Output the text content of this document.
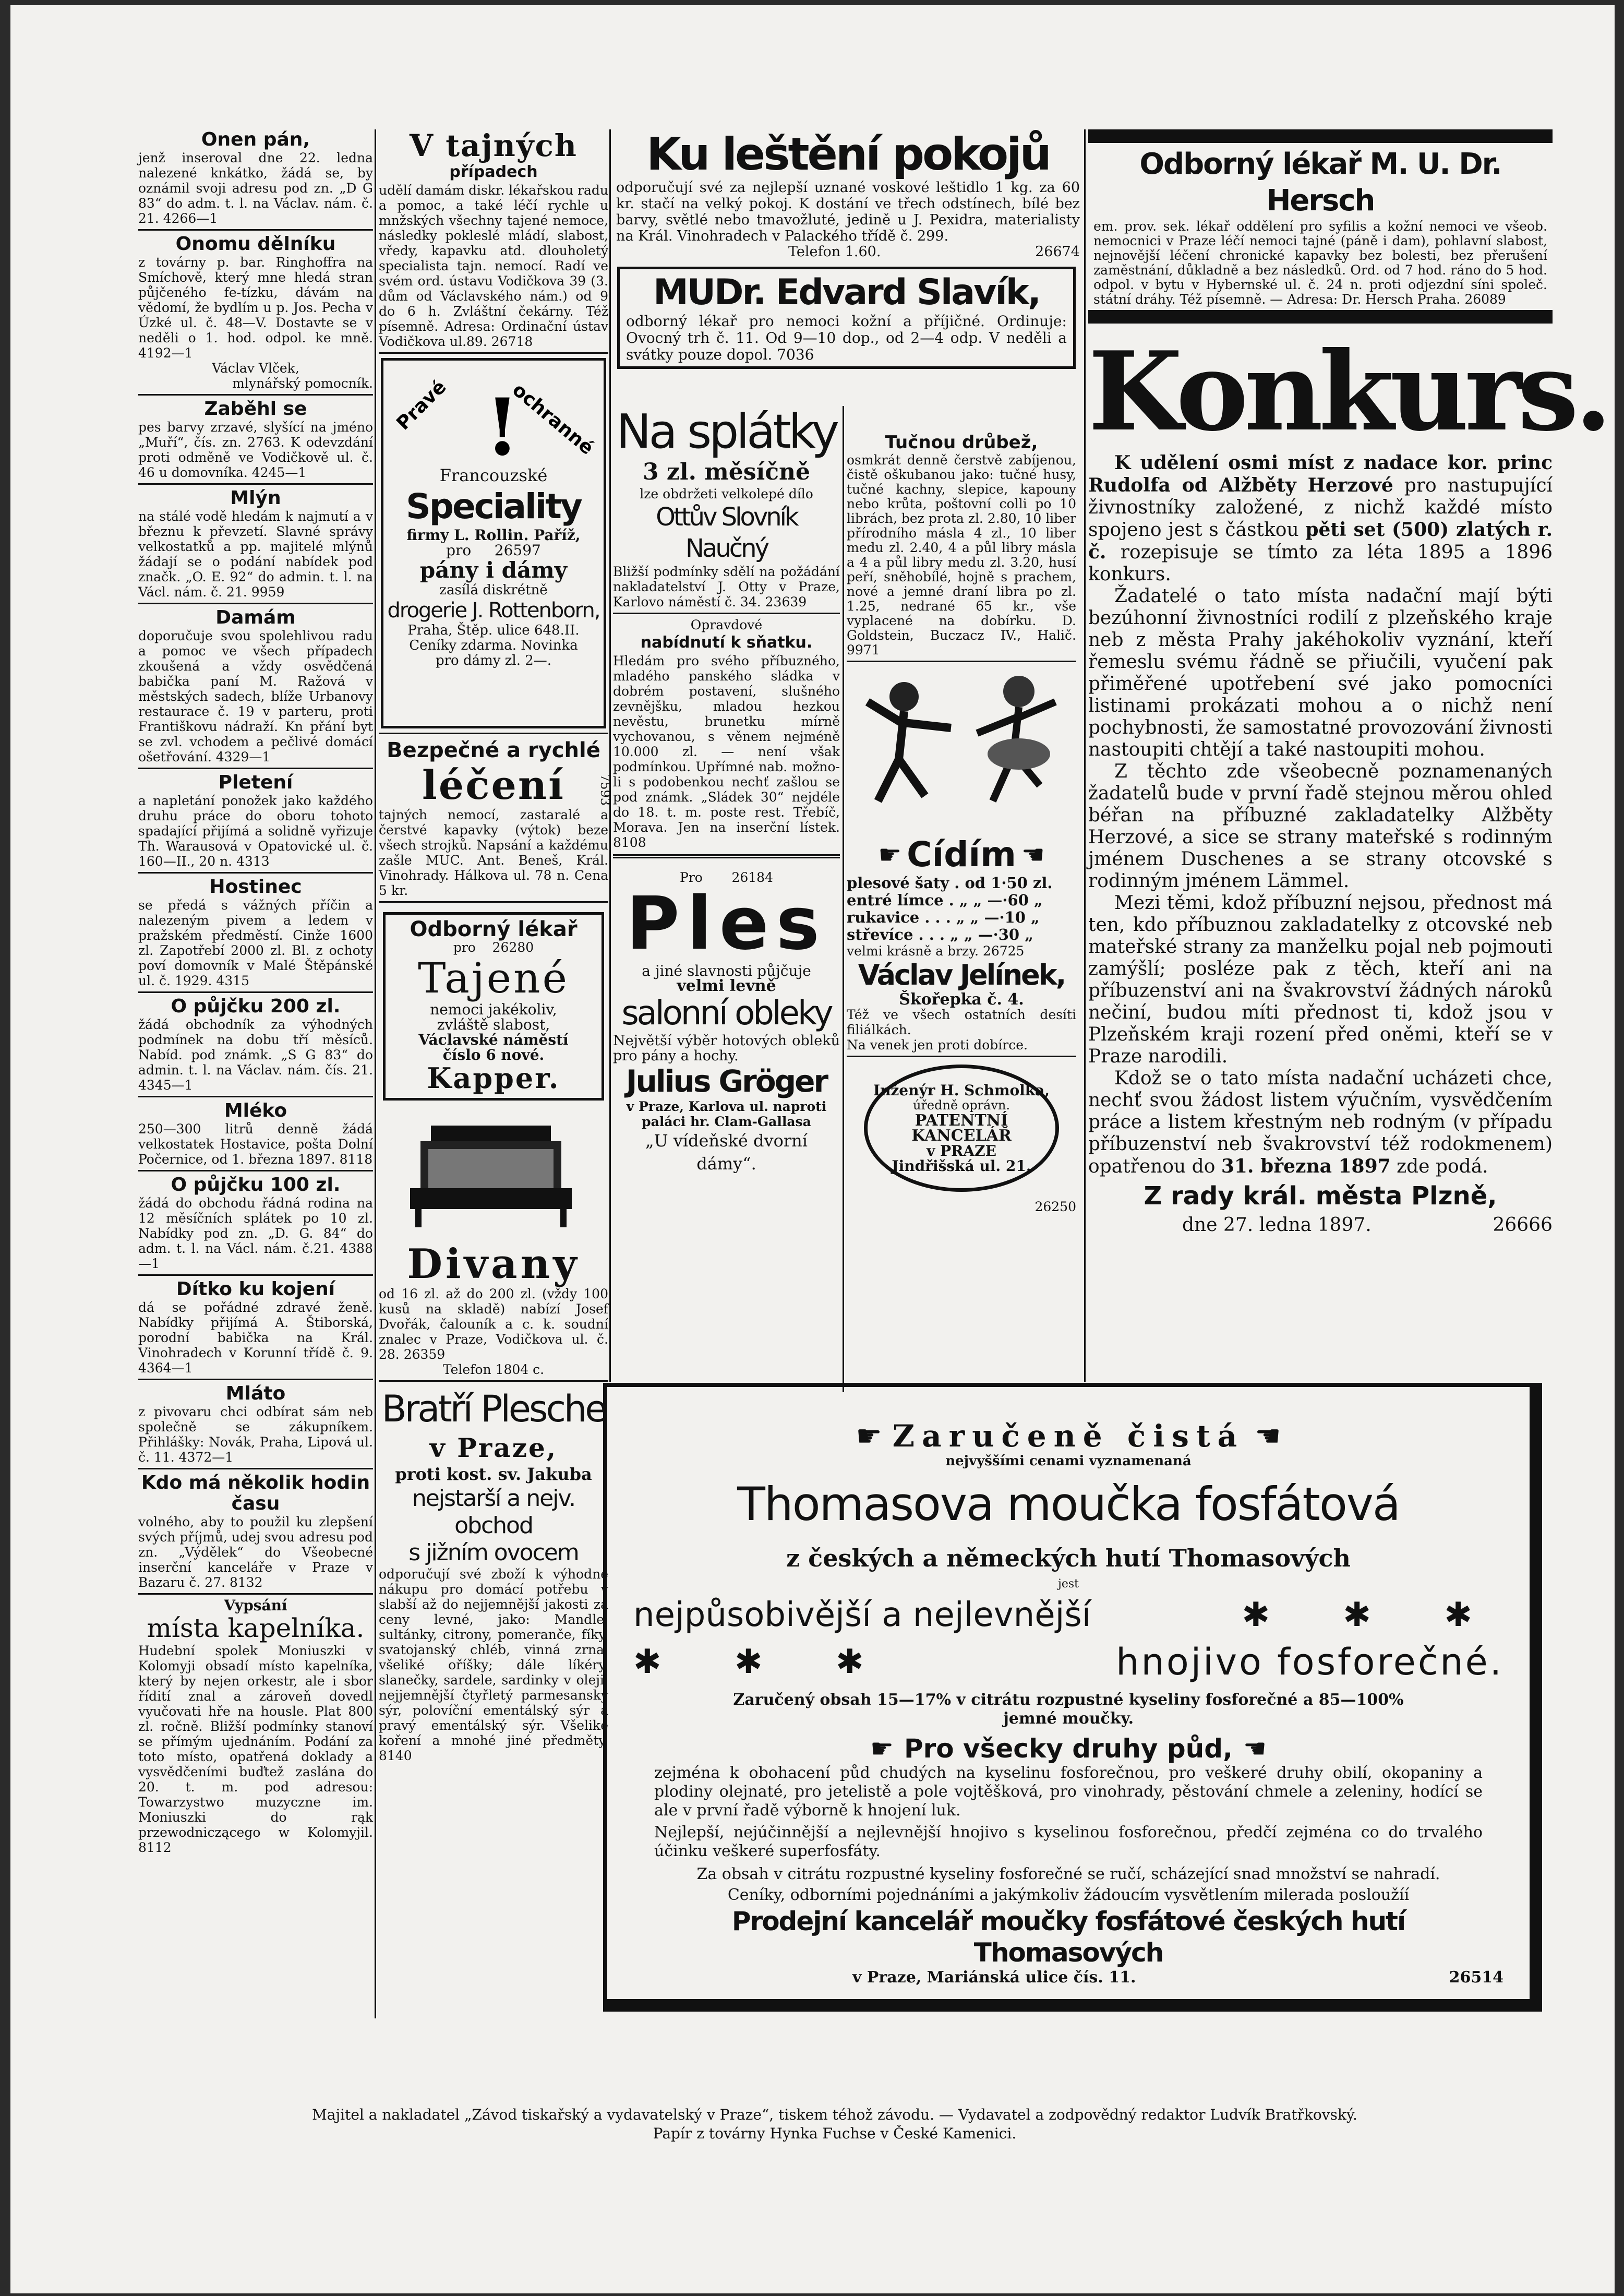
Onen pán,

jenž inseroval dne 22. ledna nalezené knkátko, žádá se, by oznámil svoji adresu pod zn. „D G 83“ do adm. t. l. na Václav. nám. č. 21. 4266—1

Onomu dělníku

z továrny p. bar. Ringhoffra na Smíchově, který mne hledá stran půjčeného fe-tízku, dávám na vědomí, že bydlím u p. Jos. Pecha v Úzké ul. č. 48—V. Dostavte se v neděli o 1. hod. odpol. ke mně. 4192—1

Václav Vlček,

mlynářský pomocník.

Zaběhl se

pes barvy zrzavé, slyšící na jméno „Muří“, čís. zn. 2763. K odevzdání proti odměně ve Vodičkově ul. č. 46 u domovníka. 4245—1

Mlýn

na stálé vodě hledám k najmutí a v březnu k převzetí. Slavné správy velkostatků a pp. majitelé mlýnů žádají se o podání nabídek pod značk. „O. E. 92“ do admin. t. l. na Václ. nám. č. 21. 9959

Damám

doporučuje svou spolehlivou radu a pomoc ve všech případech zkoušená a vždy osvědčená babička paní M. Ražová v městských sadech, blíže Urbanovy restaurace č. 19 v parteru, proti Františkovu nádraží. Kn přání byt se zvl. vchodem a pečlivé domácí ošetřování. 4329—1

Pletení

a napletání ponožek jako každého druhu práce do oboru tohoto spadající přijímá a solidně vyřizuje Th. Warausová v Opatovické ul. č. 160—II., 20 n. 4313

Hostinec

se předá s vážných příčin a nalezeným pivem a ledem v pražském předměstí. Cinže 1600 zl. Zapotřebí 2000 zl. Bl. z ochoty poví domovník v Malé Štěpánské ul. č. 1929. 4315

O půjčku 200 zl.

žádá obchodník za výhodných podmínek na dobu tří měsíců. Nabíd. pod známk. „S G 83“ do admin. t. l. na Václav. nám. čís. 21. 4345—1

Mléko

250—300 litrů denně žádá velkostatek Hostavice, pošta Dolní Počernice, od 1. března 1897. 8118

O půjčku 100 zl.

žádá do obchodu řádná rodina na 12 měsíčních splátek po 10 zl. Nabídky pod zn. „D. G. 84“ do adm. t. l. na Václ. nám. č.21. 4388—1

Dítko ku kojení

dá se pořádné zdravé ženě. Nabídky přijímá A. Štiborská, porodní babička na Král. Vinohradech v Korunní třídě č. 9. 4364—1

Mláto

z pivovaru chci odbírat sám neb společně se zákupníkem. Přihlášky: Novák, Praha, Lipová ul. č. 11. 4372—1

Kdo má několik hodin času

volného, aby to použil ku zlepšení svých příjmů, udej svou adresu pod zn. „Výdělek“ do Všeobecné inserční kanceláře v Praze v Bazaru č. 27. 8132

Vypsání

místa kapelníka.

Hudební spolek Moniuszki v Kolomyji obsadí místo kapelníka, který by nejen orkestr, ale i sbor řídití znal a zároveň dovedl vyučovati hře na housle. Plat 800 zl. ročně. Bližší podmínky stanoví se přímým ujednáním. Podání za toto místo, opatřená doklady a vysvědčeními buďtež zaslána do 20. t. m. pod adresou: Towarzystwo muzyczne im. Moniuszki do rąk przewodniczącego w Kolomyjil. 8112

V tajných

případech

udělí damám diskr. lékařskou radu a pomoc, a také léčí rychle u mnžských všechny tajené nemoce, následky pokleslé mládí, slabost, vředy, kapavku atd. dlouholetý specialista tajn. nemocí. Radí ve svém ord. ústavu Vodičkova 39 (3. dům od Václavského nám.) od 9 do 6 h. Zvláštní čekárny. Též písemně. Adresa: Ordinační ústav Vodičkova ul.89. 26718

Pravé	ochranné
!

Francouzské

Speciality

firmy L. Rollin. Paříž,

pro 26597

pány i dámy

zasílá diskrétně

drogerie J. Rottenborn,

Praha, Štěp. ulice 648.II.

Ceníky zdarma. Novinka

pro dámy zl. 2—.

Bezpečné a rychlé

léčení

tajných nemocí, zastaralé a čerstvé kapavky (výtok) beze všech strojků. Napsání a každému zašle MUC. Ant. Beneš, Král. Vinohrady. Hálkova ul. 78 n. Cena 5 kr.

7593

Odborný lékař

pro 26280

Tajené

nemoci jakékoliv,

zvláště slabost,

Václavské náměstí

číslo 6 nové.

Kapper.

Divany

od 16 zl. až do 200 zl. (vždy 100 kusů na skladě) nabízí Josef Dvořák, čalouník a c. k. soudní znalec v Praze, Vodičkova ul. č. 28. 26359

Telefon 1804 c.

Bratří Plesche

v Praze,

proti kost. sv. Jakuba

nejstarší a nejv. obchod

s jižním ovocem

odporučují své zboží k výhodné nákupu pro domácí potřebu v slabší až do nejjemnější jakosti za ceny levné, jako: Mandle, sultánky, citrony, pomeranče, fíky, svatojanský chléb, vinná zrna, všeliké oříšky; dále líkéry, slanečky, sardele, sardinky v oleji, nejjemnější čtyřletý parmesanský sýr, polovíční ementálský sýr a pravý ementálský sýr. Všeliké koření a mnohé jiné předměty. 8140

Ku leštění pokojů

odporučují své za nejlepší uznané voskové leštidlo 1 kg. za 60 kr. stačí na velký pokoj. K dostání ve třech odstínech, bílé bez barvy, světlé nebo tmavožluté, jedině u J. Pexidra, materialisty na Král. Vinohradech v Palackého třídě č. 299.

Telefon 1.60.	26674

MUDr. Edvard Slavík,

odborný lékař pro nemoci kožní a příjičné. Ordinuje: Ovocný trh č. 11. Od 9—10 dop., od 2—4 odp. V neděli a svátky pouze dopol. 7036

Na splátky

3 zl. měsíčně

lze obdržeti velkolepé dílo

Ottův Slovník Naučný

Bližší podmínky sdělí na požádání nakladatelství J. Otty v Praze, Karlovo náměstí č. 34. 23639

Opravdové

nabídnutí k sňatku.

Hledám pro svého příbuzného, mladého panského sládka v dobrém postavení, slušného zevnějšku, mladou hezkou nevěstu, brunetku mírně vychovanou, s věnem nejméně 10.000 zl. — není však podmínkou. Upřímné nab. možno-li s podobenkou nechť zašlou se pod známk. „Sládek 30“ nejdéle do 18. t. m. poste rest. Třebíč, Morava. Jen na inserční lístek. 8108

Pro 26184

Ples

a jiné slavnosti půjčuje

velmi levně

salonní obleky

Největší výběr hotových obleků pro pány a hochy.

Julius Gröger

v Praze, Karlova ul. naproti paláci hr. Clam-Gallasa

„U vídeňské dvorní dámy“.

Tučnou drůbež,

osmkrát denně čerstvě zabíjenou, čistě oškubanou jako: tučné husy, tučné kachny, slepice, kapouny nebo krůta, poštovní colli po 10 librách, bez prota zl. 2.80, 10 liber přírodního másla 4 zl., 10 liber medu zl. 2.40, 4 a půl libry másla a 4 a půl libry medu zl. 3.20, husí peří, sněhobílé, hojně s prachem, nové a jemné draní libra po zl. 1.25, nedrané 65 kr., vše vyplacené na dobírku. D. Goldstein, Buczacz IV., Halič. 9971

☛ Cídím ☚

plesové šaty . od 1·50 zl.

entré límce . „ „ —·60 „

rukavice . . . „ „ —·10 „

střevíce . . . „ „ —·30 „

velmi krásně a brzy. 26725

Václav Jelínek,

Škořepka č. 4.

Též ve všech ostatních desíti filiálkách.

Na venek jen proti dobírce.

Inženýr H. Schmolka,

úředně oprávn.

PATENTNÍ KANCELÁŘ

v PRAZE

Jindřišská ul. 21.

26250

Odborný lékař M. U. Dr. Hersch

em. prov. sek. lékař oddělení pro syfilis a kožní nemoci ve všeob. nemocnici v Praze léčí nemoci tajné (páně i dam), pohlavní slabost, nejnovější léčení chronické kapavky bez bolesti, bez přerušení zaměstnání, důkladně a bez následků. Ord. od 7 hod. ráno do 5 hod. odpol. v bytu v Hybernské ul. č. 24 n. proti odjezdní síni společ. státní dráhy. Též písemně. — Adresa: Dr. Hersch Praha. 26089

Konkurs.

K udělení osmi míst z nadace kor. princ Rudolfa od Alžběty Herzové pro nastupující živnostníky založené, z nichž každé místo spojeno jest s částkou pěti set (500) zlatých r. č. rozepisuje se tímto za léta 1895 a 1896 konkurs.

Žadatelé o tato místa nadační mají býti bezúhonní živnostníci rodilí z plzeňského kraje neb z města Prahy jakéhokoliv vyznání, kteří řemeslu svému řádně se přiučili, vyučení pak přiměřené upotřebení své jako pomocníci listinami prokázati mohou a o nichž není pochybnosti, že samostatné provozování živnosti nastoupiti chtějí a také nastoupiti mohou.

Z těchto zde všeobecně poznamenaných žadatelů bude v první řadě stejnou měrou ohled béřan na příbuzné zakladatelky Alžběty Herzové, a sice se strany mateřské s rodinným jménem Duschenes a se strany otcovské s rodinným jménem Lämmel.

Mezi těmi, kdož příbuzní nejsou, přednost má ten, kdo příbuznou zakladatelky z otcovské neb mateřské strany za manželku pojal neb pojmouti zamýšlí; posléze pak z těch, kteří ani na příbuzenství ani na švakrovství žádných nároků nečiní, budou míti přednost ti, kdož jsou v Plzeňském kraji rození před oněmi, kteří se v Praze narodili.

Kdož se o tato místa nadační ucházeti chce, nechť svou žádost listem výučním, vysvědčením práce a listem křestným neb rodným (v případu příbuzenství neb švakrovství též rodokmenem) opatřenou do 31. března 1897 zde podá.

Z rady král. města Plzně,

dne 27. ledna 1897.	26666

☛ Zaručeně čistá ☚

nejvyššími cenami vyznamenaná

Thomasova moučka fosfátová

z českých a německých hutí Thomasových

jest

nejpůsobivější a nejlevnější	✱ ✱ ✱
✱ ✱ ✱	hnojivo fosforečné.

Zaručený obsah 15—17% v citrátu rozpustné kyseliny fosforečné a 85—100% jemné moučky.

☛ Pro všecky druhy půd, ☚

zejména k obohacení půd chudých na kyselinu fosforečnou, pro veškeré druhy obilí, okopaniny a plodiny olejnaté, pro jetelistě a pole vojtěšková, pro vinohrady, pěstování chmele a zeleniny, hodící se ale v první řadě výborně k hnojení luk.

Nejlepší, nejúčinnější a nejlevnější hnojivo s kyselinou fosforečnou, předčí zejména co do trvalého účinku veškeré superfosfáty.

Za obsah v citrátu rozpustné kyseliny fosforečné se ručí, scházející snad množství se nahradí.

Ceníky, odborními pojednáními a jakýmkoliv žádoucím vysvětlením milerada posloužíí

Prodejní kancelář moučky fosfátové českých hutí Thomasových

v Praze, Mariánská ulice čís. 11.	26514

Majitel a nakladatel „Závod tiskařský a vydavatelský v Praze“, tiskem téhož závodu. — Vydavatel a zodpovědný redaktor Ludvík Bratřkovský.

Papír z továrny Hynka Fuchse v České Kamenici.
